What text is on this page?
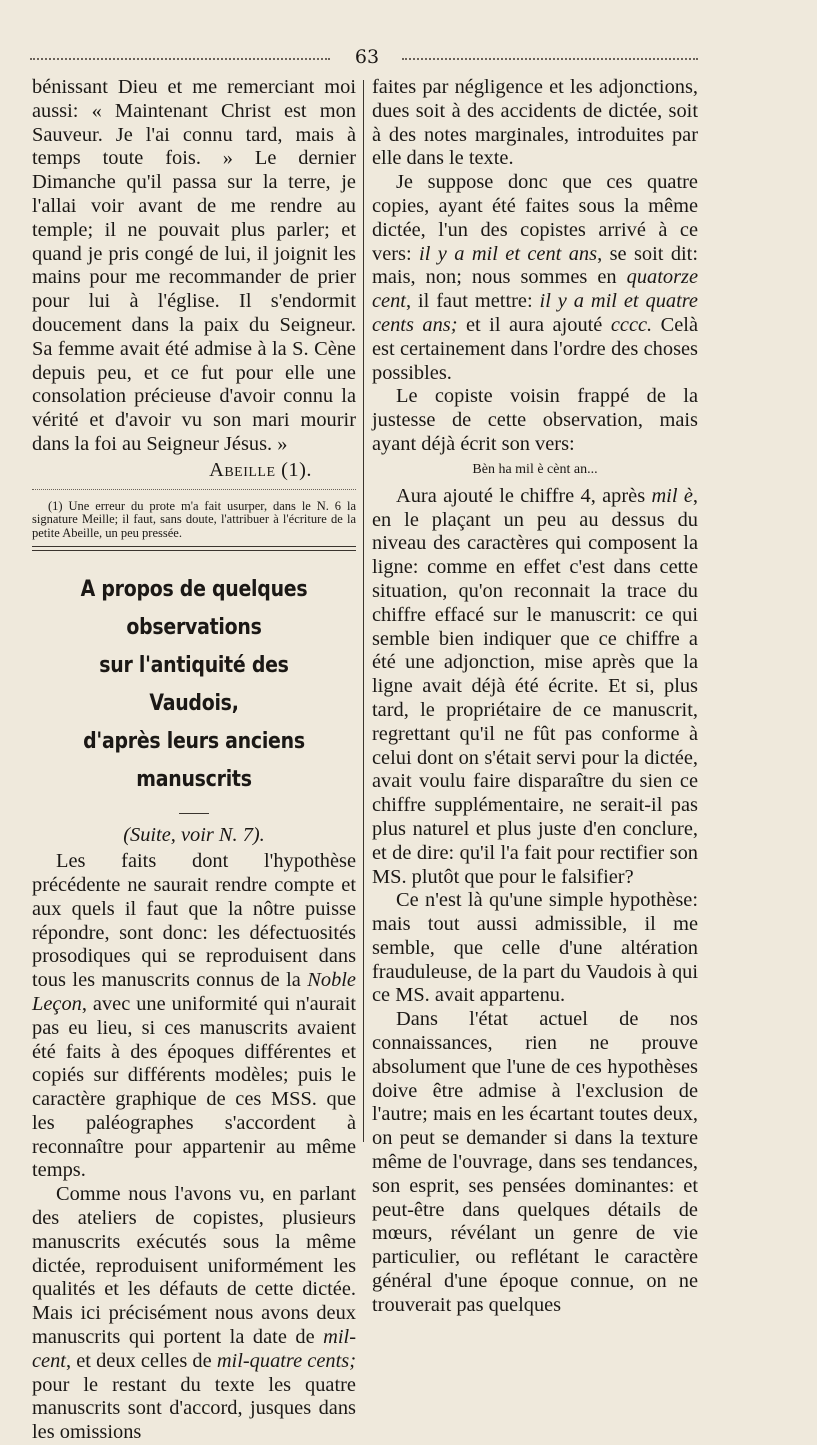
63

bénissant Dieu et me remerciant moi aussi: « Maintenant Christ est mon Sauveur. Je l'ai connu tard, mais à temps toute fois. » Le dernier Dimanche qu'il passa sur la terre, je l'allai voir avant de me rendre au temple; il ne pouvait plus parler; et quand je pris congé de lui, il joignit les mains pour me recommander de prier pour lui à l'église. Il s'endormit doucement dans la paix du Seigneur. Sa femme avait été admise à la S. Cène depuis peu, et ce fut pour elle une consolation précieuse d'avoir connu la vérité et d'avoir vu son mari mourir dans la foi au Seigneur Jésus. »

Abeille (1).

(1) Une erreur du prote m'a fait usurper, dans le N. 6 la signature Meille; il faut, sans doute, l'attribuer à l'écriture de la petite Abeille, un peu pressée.

A propos de quelques observations
sur l'antiquité des Vaudois,
d'après leurs anciens manuscrits
(Suite, voir N. 7).

Les faits dont l'hypothèse précédente ne saurait rendre compte et aux quels il faut que la nôtre puisse répondre, sont donc: les défectuosités prosodiques qui se reproduisent dans tous les manuscrits connus de la Noble Leçon, avec une uniformité qui n'aurait pas eu lieu, si ces manuscrits avaient été faits à des époques différentes et copiés sur différents modèles; puis le caractère graphique de ces MSS. que les paléographes s'accordent à reconnaître pour appartenir au même temps.

Comme nous l'avons vu, en parlant des ateliers de copistes, plusieurs manuscrits exécutés sous la même dictée, reproduisent uniformément les qualités et les défauts de cette dictée. Mais ici précisément nous avons deux manuscrits qui portent la date de mil-cent, et deux celles de mil-quatre cents; pour le restant du texte les quatre manuscrits sont d'accord, jusques dans les omissions

faites par négligence et les adjonctions, dues soit à des accidents de dictée, soit à des notes marginales, introduites par elle dans le texte.

Je suppose donc que ces quatre copies, ayant été faites sous la même dictée, l'un des copistes arrivé à ce vers: il y a mil et cent ans, se soit dit: mais, non; nous sommes en quatorze cent, il faut mettre: il y a mil et quatre cents ans; et il aura ajouté cccc. Celà est certainement dans l'ordre des choses possibles.

Le copiste voisin frappé de la justesse de cette observation, mais ayant déjà écrit son vers:

Bèn ha mil è cènt an...

Aura ajouté le chiffre 4, après mil è, en le plaçant un peu au dessus du niveau des caractères qui composent la ligne: comme en effet c'est dans cette situation, qu'on reconnait la trace du chiffre effacé sur le manuscrit: ce qui semble bien indiquer que ce chiffre a été une adjonction, mise après que la ligne avait déjà été écrite. Et si, plus tard, le propriétaire de ce manuscrit, regrettant qu'il ne fût pas conforme à celui dont on s'était servi pour la dictée, avait voulu faire disparaître du sien ce chiffre supplémentaire, ne serait-il pas plus naturel et plus juste d'en conclure, et de dire: qu'il l'a fait pour rectifier son MS. plutôt que pour le falsifier?

Ce n'est là qu'une simple hypothèse: mais tout aussi admissible, il me semble, que celle d'une altération frauduleuse, de la part du Vaudois à qui ce MS. avait appartenu.

Dans l'état actuel de nos connaissances, rien ne prouve absolument que l'une de ces hypothèses doive être admise à l'exclusion de l'autre; mais en les écartant toutes deux, on peut se demander si dans la texture même de l'ouvrage, dans ses tendances, son esprit, ses pensées dominantes: et peut-être dans quelques détails de mœurs, révélant un genre de vie particulier, ou reflétant le caractère général d'une époque connue, on ne trouverait pas quelques
